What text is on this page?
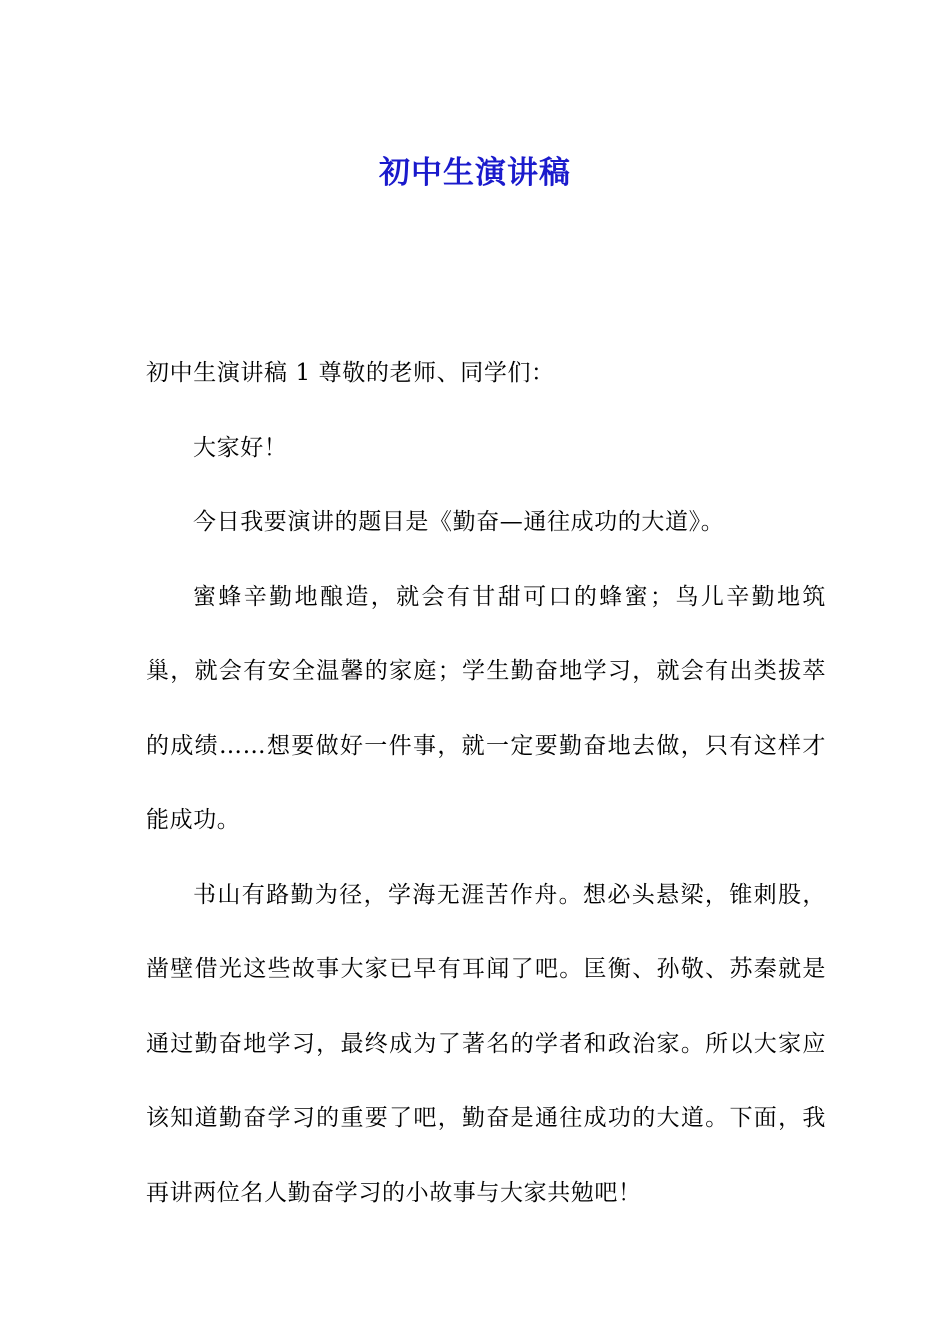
初中生演讲稿

初中生演讲稿 1 尊敬的老师、同学们：

大家好！

今日我要演讲的题目是《勤奋—通往成功的大道》。

蜜蜂辛勤地酿造，就会有甘甜可口的蜂蜜；鸟儿辛勤地筑巢，就会有安全温馨的家庭；学生勤奋地学习，就会有出类拔萃的成绩……想要做好一件事，就一定要勤奋地去做，只有这样才能成功。

书山有路勤为径，学海无涯苦作舟。想必头悬梁，锥刺股，凿壁借光这些故事大家已早有耳闻了吧。匡衡、孙敬、苏秦就是通过勤奋地学习，最终成为了著名的学者和政治家。所以大家应该知道勤奋学习的重要了吧，勤奋是通往成功的大道。下面，我再讲两位名人勤奋学习的小故事与大家共勉吧！
